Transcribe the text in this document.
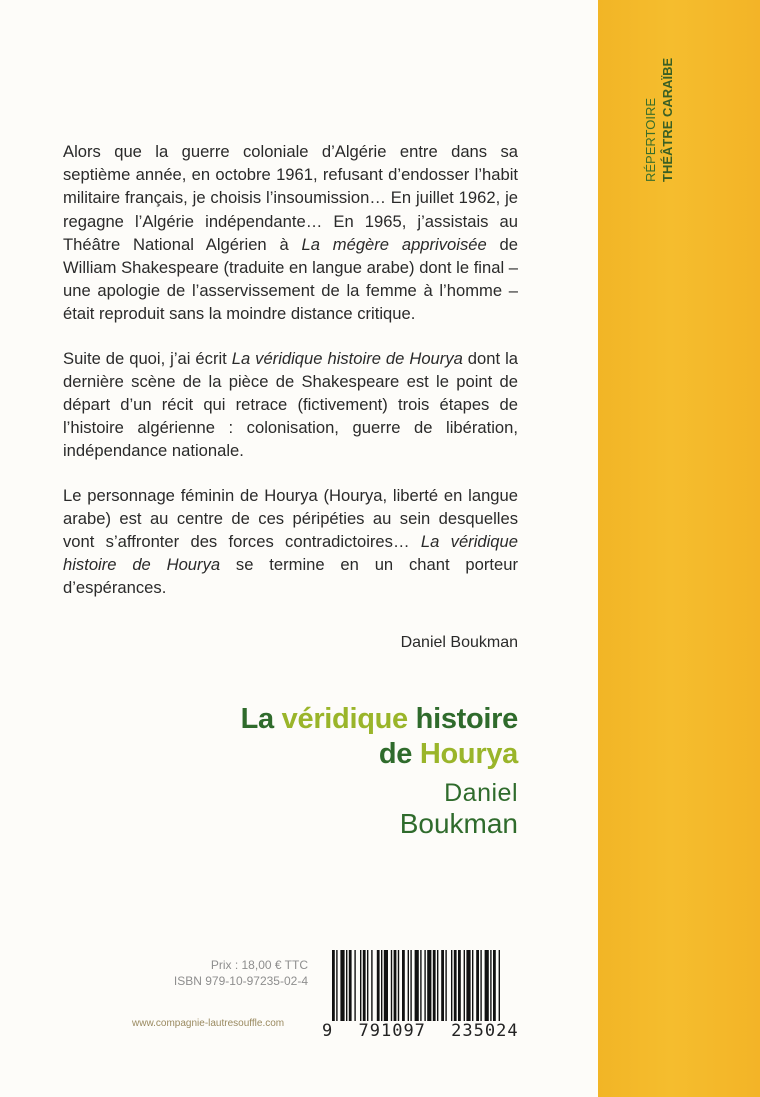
RÉPERTOIRE THÉÂTRE CARAÏBE

Alors que la guerre coloniale d’Algérie entre dans sa septième année, en octobre 1961, refusant d’endosser l’habit militaire français, je choisis l’insoumission… En juillet 1962, je regagne l’Algérie indépendante… En 1965, j’assistais au Théâtre National Algérien à La mégère apprivoisée de William Shakespeare (traduite en langue arabe) dont le final – une apologie de l’asservissement de la femme à l’homme – était reproduit sans la moindre distance critique.

Suite de quoi, j’ai écrit La véridique histoire de Hourya dont la dernière scène de la pièce de Shakespeare est le point de départ d’un récit qui retrace (fictivement) trois étapes de l’histoire algérienne : colonisation, guerre de libération, indépendance nationale.

Le personnage féminin de Hourya (Hourya, liberté en langue arabe) est au centre de ces péripéties au sein desquelles vont s’affronter des forces contradictoires… La véridique histoire de Hourya se termine en un chant porteur d’espérances.

Daniel Boukman
La véridique histoire
de Hourya
Daniel
Boukman
Prix : 18,00 € TTC
ISBN 979-10-97235-02-4
www.compagnie-lautresouffle.com 9 791097 235024
